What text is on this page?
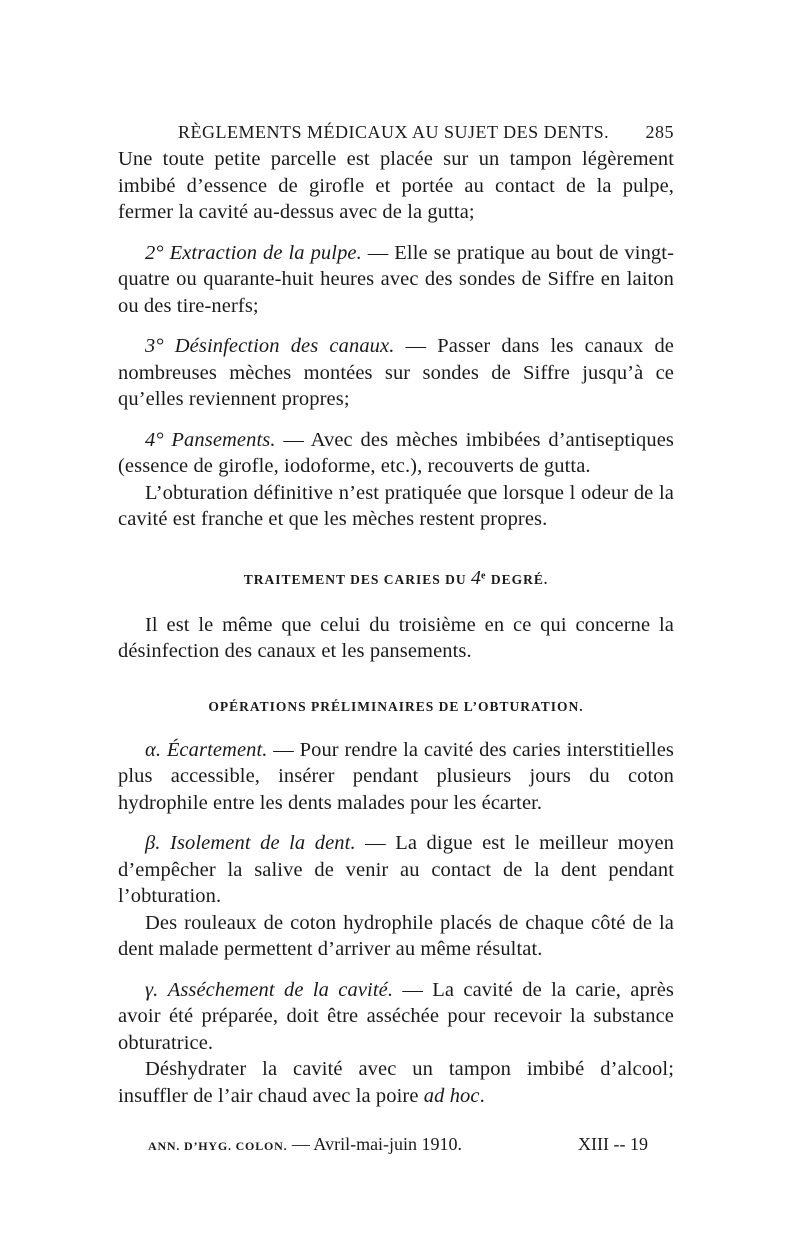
RÈGLEMENTS MÉDICAUX AU SUJET DES DENTS. 285

Une toute petite parcelle est placée sur un tampon légèrement imbibé d’essence de girofle et portée au contact de la pulpe, fermer la cavité au-dessus avec de la gutta;

2° Extraction de la pulpe. — Elle se pratique au bout de vingt-quatre ou quarante-huit heures avec des sondes de Siffre en laiton ou des tire-nerfs;

3° Désinfection des canaux. — Passer dans les canaux de nombreuses mèches montées sur sondes de Siffre jusqu’à ce qu’elles reviennent propres;

4° Pansements. — Avec des mèches imbibées d’antiseptiques (essence de girofle, iodoforme, etc.), recouverts de gutta.

L’obturation définitive n’est pratiquée que lorsque l odeur de la cavité est franche et que les mèches restent propres.

TRAITEMENT DES CARIES DU 4e DEGRÉ.

Il est le même que celui du troisième en ce qui concerne la désinfection des canaux et les pansements.

OPÉRATIONS PRÉLIMINAIRES DE L’OBTURATION.

α. Écartement. — Pour rendre la cavité des caries interstitielles plus accessible, insérer pendant plusieurs jours du coton hydrophile entre les dents malades pour les écarter.

β. Isolement de la dent. — La digue est le meilleur moyen d’empêcher la salive de venir au contact de la dent pendant l’obturation.

Des rouleaux de coton hydrophile placés de chaque côté de la dent malade permettent d’arriver au même résultat.

γ. Asséchement de la cavité. — La cavité de la carie, après avoir été préparée, doit être asséchée pour recevoir la substance obturatrice.

Déshydrater la cavité avec un tampon imbibé d’alcool; insuffler de l’air chaud avec la poire ad hoc.

ANN. D’HYG. COLON. — Avril-mai-juin 1910.	XIII -- 19
